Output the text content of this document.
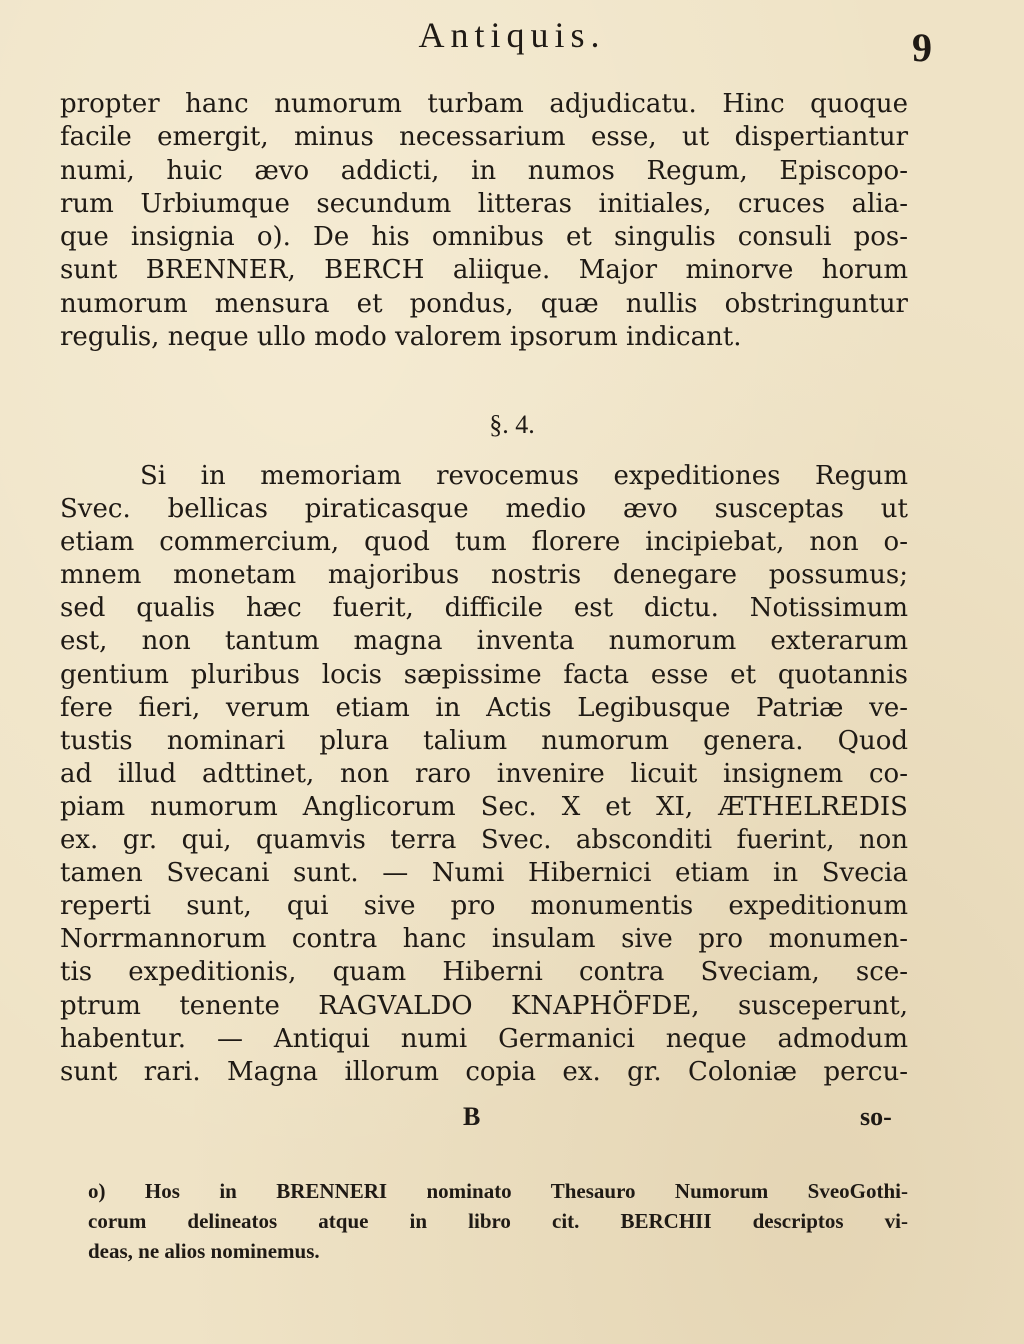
Antiquis.	9
propter hanc numorum turbam adjudicatu. Hinc quoque
facile emergit, minus necessarium esse, ut dispertiantur
numi, huic ævo addicti, in numos Regum, Episcopo-
rum Urbiumque secundum litteras initiales, cruces alia-
que insignia o). De his omnibus et singulis consuli pos-
sunt BRENNER, BERCH aliique. Major minorve horum
numorum mensura et pondus, quæ nullis obstringuntur
regulis, neque ullo modo valorem ipsorum indicant.
§. 4.
Si in memoriam revocemus expeditiones Regum
Svec. bellicas piraticasque medio ævo susceptas ut
etiam commercium, quod tum florere incipiebat, non o-
mnem monetam majoribus nostris denegare possumus;
sed qualis hæc fuerit, difficile est dictu. Notissimum
est, non tantum magna inventa numorum exterarum
gentium pluribus locis sæpissime facta esse et quotannis
fere fieri, verum etiam in Actis Legibusque Patriæ ve-
tustis nominari plura talium numorum genera. Quod
ad illud adttinet, non raro invenire licuit insignem co-
piam numorum Anglicorum Sec. X et XI, ÆTHELREDIS
ex. gr. qui, quamvis terra Svec. absconditi fuerint, non
tamen Svecani sunt. — Numi Hibernici etiam in Svecia
reperti sunt, qui sive pro monumentis expeditionum
Norrmannorum contra hanc insulam sive pro monumen-
tis expeditionis, quam Hiberni contra Sveciam, sce-
ptrum tenente RAGVALDO KNAPHÖFDE, susceperunt,
habentur. — Antiqui numi Germanici neque admodum
sunt rari. Magna illorum copia ex. gr. Coloniæ percu-
B	so-
o) Hos in BRENNERI nominato Thesauro Numorum SveoGothi-
corum delineatos atque in libro cit. BERCHII descriptos vi-
deas, ne alios nominemus.
